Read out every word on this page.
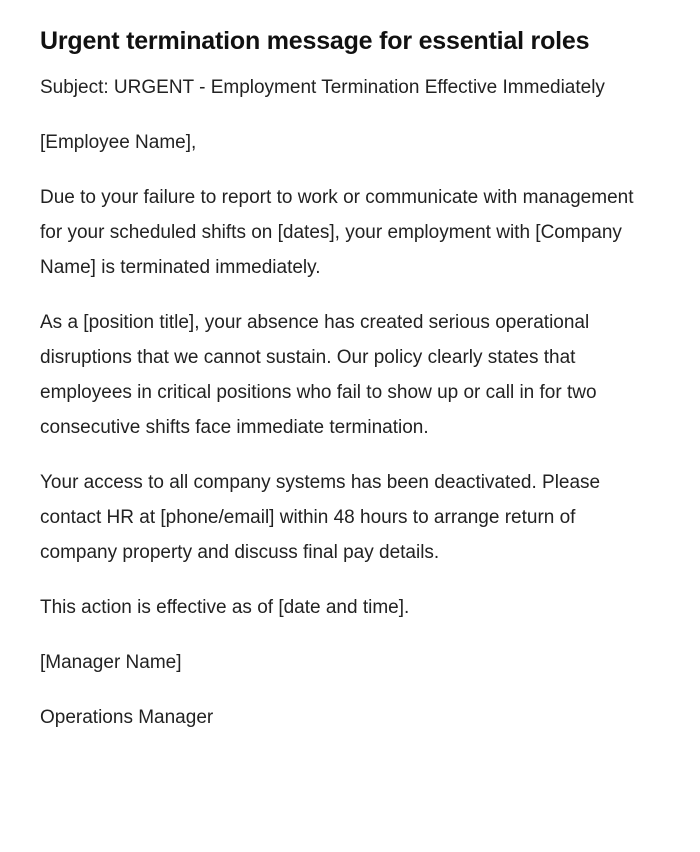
Urgent termination message for essential roles

Subject: URGENT - Employment Termination Effective Immediately

[Employee Name],

Due to your failure to report to work or communicate with management for your scheduled shifts on [dates], your employment with [Company Name] is terminated immediately.

As a [position title], your absence has created serious operational disruptions that we cannot sustain. Our policy clearly states that employees in critical positions who fail to show up or call in for two consecutive shifts face immediate termination.

Your access to all company systems has been deactivated. Please contact HR at [phone/email] within 48 hours to arrange return of company property and discuss final pay details.

This action is effective as of [date and time].

[Manager Name]

Operations Manager
